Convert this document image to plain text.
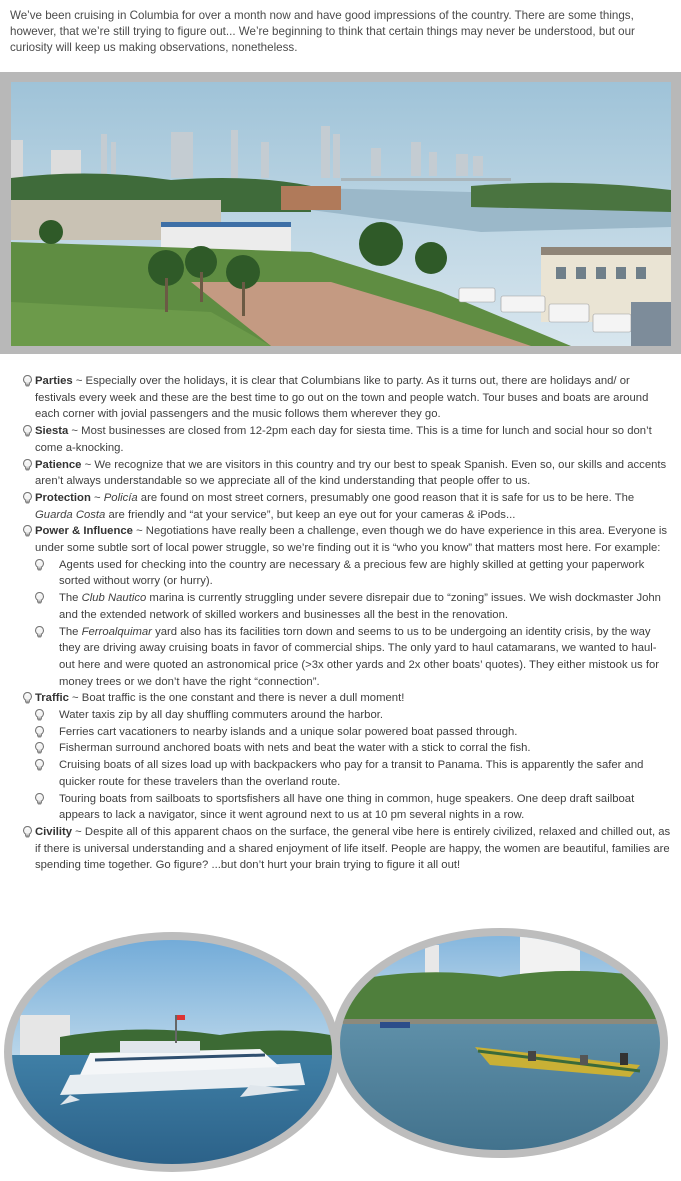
We’ve been cruising in Columbia for over a month now and have good impressions of the country. There are some things, however, that we’re still trying to figure out... We’re beginning to think that certain things may never be understood, but our curiosity will keep us making observations, nonetheless.

Parties ~ Especially over the holidays, it is clear that Columbians like to party. As it turns out, there are holidays and/ or festivals every week and these are the best time to go out on the town and people watch. Tour buses and boats are around each corner with jovial passengers and the music follows them wherever they go.

Siesta ~ Most businesses are closed from 12-2pm each day for siesta time. This is a time for lunch and social hour so don’t come a-knocking.

Patience ~ We recognize that we are visitors in this country and try our best to speak Spanish. Even so, our skills and accents aren’t always understandable so we appreciate all of the kind understanding that people offer to us.

Protection ~ Policía are found on most street corners, presumably one good reason that it is safe for us to be here. The Guarda Costa are friendly and “at your service”, but keep an eye out for your cameras & iPods...

Power & Influence ~ Negotiations have really been a challenge, even though we do have experience in this area. Everyone is under some subtle sort of local power struggle, so we’re finding out it is “who you know” that matters most here. For example:

Agents used for checking into the country are necessary & a precious few are highly skilled at getting your paperwork sorted without worry (or hurry).

The Club Nautico marina is currently struggling under severe disrepair due to “zoning” issues. We wish dockmaster John and the extended network of skilled workers and businesses all the best in the renovation.

The Ferroalquimar yard also has its facilities torn down and seems to us to be undergoing an identity crisis, by the way they are driving away cruising boats in favor of commercial ships. The only yard to haul catamarans, we wanted to haul-out here and were quoted an astronomical price (>3x other yards and 2x other boats’ quotes). They either mistook us for money trees or we don’t have the right “connection”.

Traffic ~ Boat traffic is the one constant and there is never a dull moment!

Water taxis zip by all day shuffling commuters around the harbor.

Ferries cart vacationers to nearby islands and a unique solar powered boat passed through.

Fisherman surround anchored boats with nets and beat the water with a stick to corral the fish.

Cruising boats of all sizes load up with backpackers who pay for a transit to Panama. This is apparently the safer and quicker route for these travelers than the overland route.

Touring boats from sailboats to sportsfishers all have one thing in common, huge speakers. One deep draft sailboat appears to lack a navigator, since it went aground next to us at 10 pm several nights in a row.

Civility ~ Despite all of this apparent chaos on the surface, the general vibe here is entirely civilized, relaxed and chilled out, as if there is universal understanding and a shared enjoyment of life itself. People are happy, the women are beautiful, families are spending time together. Go figure? ...but don’t hurt your brain trying to figure it all out!
